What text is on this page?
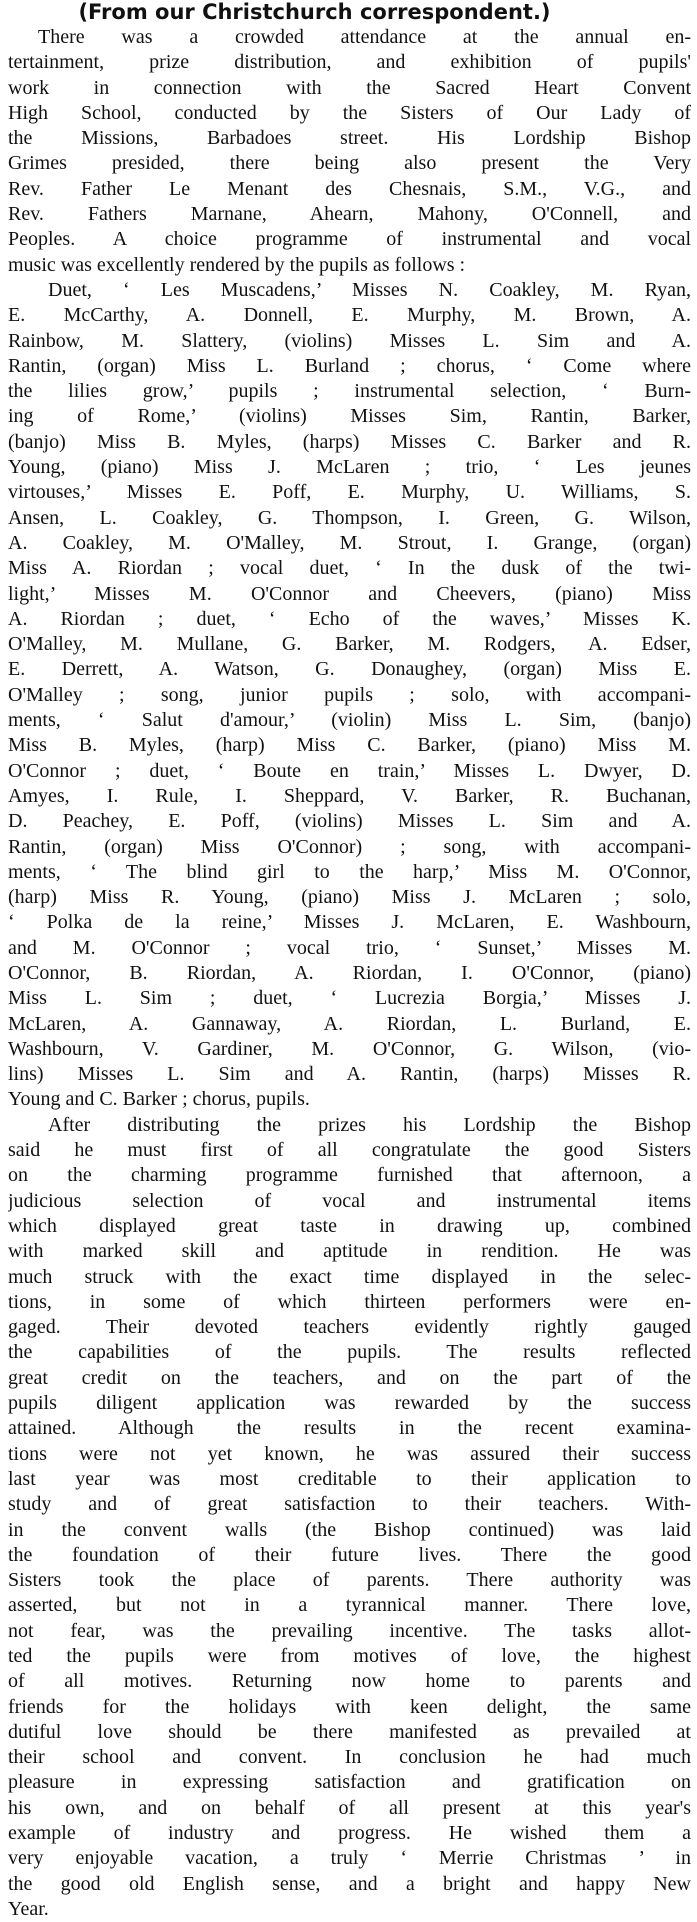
(From our Christchurch correspondent.)
There was a crowded attendance at the annual en-
tertainment, prize distribution, and exhibition of pupils'
work in connection with the Sacred Heart Convent
High School, conducted by the Sisters of Our Lady of
the Missions, Barbadoes street. His Lordship Bishop
Grimes presided, there being also present the Very
Rev. Father Le Menant des Chesnais, S.M., V.G., and
Rev. Fathers Marnane, Ahearn, Mahony, O'Connell, and
Peoples. A choice programme of instrumental and vocal
music was excellently rendered by the pupils as follows :
Duet, ‘ Les Muscadens,’ Misses N. Coakley, M. Ryan,
E. McCarthy, A. Donnell, E. Murphy, M. Brown, A.
Rainbow, M. Slattery, (violins) Misses L. Sim and A.
Rantin, (organ) Miss L. Burland ; chorus, ‘ Come where
the lilies grow,’ pupils ; instrumental selection, ‘ Burn-
ing of Rome,’ (violins) Misses Sim, Rantin, Barker,
(banjo) Miss B. Myles, (harps) Misses C. Barker and R.
Young, (piano) Miss J. McLaren ; trio, ‘ Les jeunes
virtouses,’ Misses E. Poff, E. Murphy, U. Williams, S.
Ansen, L. Coakley, G. Thompson, I. Green, G. Wilson,
A. Coakley, M. O'Malley, M. Strout, I. Grange, (organ)
Miss A. Riordan ; vocal duet, ‘ In the dusk of the twi-
light,’ Misses M. O'Connor and Cheevers, (piano) Miss
A. Riordan ; duet, ‘ Echo of the waves,’ Misses K.
O'Malley, M. Mullane, G. Barker, M. Rodgers, A. Edser,
E. Derrett, A. Watson, G. Donaughey, (organ) Miss E.
O'Malley ; song, junior pupils ; solo, with accompani-
ments, ‘ Salut d'amour,’ (violin) Miss L. Sim, (banjo)
Miss B. Myles, (harp) Miss C. Barker, (piano) Miss M.
O'Connor ; duet, ‘ Boute en train,’ Misses L. Dwyer, D.
Amyes, I. Rule, I. Sheppard, V. Barker, R. Buchanan,
D. Peachey, E. Poff, (violins) Misses L. Sim and A.
Rantin, (organ) Miss O'Connor) ; song, with accompani-
ments, ‘ The blind girl to the harp,’ Miss M. O'Connor,
(harp) Miss R. Young, (piano) Miss J. McLaren ; solo,
‘ Polka de la reine,’ Misses J. McLaren, E. Washbourn,
and M. O'Connor ; vocal trio, ‘ Sunset,’ Misses M.
O'Connor, B. Riordan, A. Riordan, I. O'Connor, (piano)
Miss L. Sim ; duet, ‘ Lucrezia Borgia,’ Misses J.
McLaren, A. Gannaway, A. Riordan, L. Burland, E.
Washbourn, V. Gardiner, M. O'Connor, G. Wilson, (vio-
lins) Misses L. Sim and A. Rantin, (harps) Misses R.
Young and C. Barker ; chorus, pupils.
After distributing the prizes his Lordship the Bishop
said he must first of all congratulate the good Sisters
on the charming programme furnished that afternoon, a
judicious selection of vocal and instrumental items
which displayed great taste in drawing up, combined
with marked skill and aptitude in rendition. He was
much struck with the exact time displayed in the selec-
tions, in some of which thirteen performers were en-
gaged. Their devoted teachers evidently rightly gauged
the capabilities of the pupils. The results reflected
great credit on the teachers, and on the part of the
pupils diligent application was rewarded by the success
attained. Although the results in the recent examina-
tions were not yet known, he was assured their success
last year was most creditable to their application to
study and of great satisfaction to their teachers. With-
in the convent walls (the Bishop continued) was laid
the foundation of their future lives. There the good
Sisters took the place of parents. There authority was
asserted, but not in a tyrannical manner. There love,
not fear, was the prevailing incentive. The tasks allot-
ted the pupils were from motives of love, the highest
of all motives. Returning now home to parents and
friends for the holidays with keen delight, the same
dutiful love should be there manifested as prevailed at
their school and convent. In conclusion he had much
pleasure in expressing satisfaction and gratification on
his own, and on behalf of all present at this year's
example of industry and progress. He wished them a
very enjoyable vacation, a truly ‘ Merrie Christmas ’ in
the good old English sense, and a bright and happy New
Year.
